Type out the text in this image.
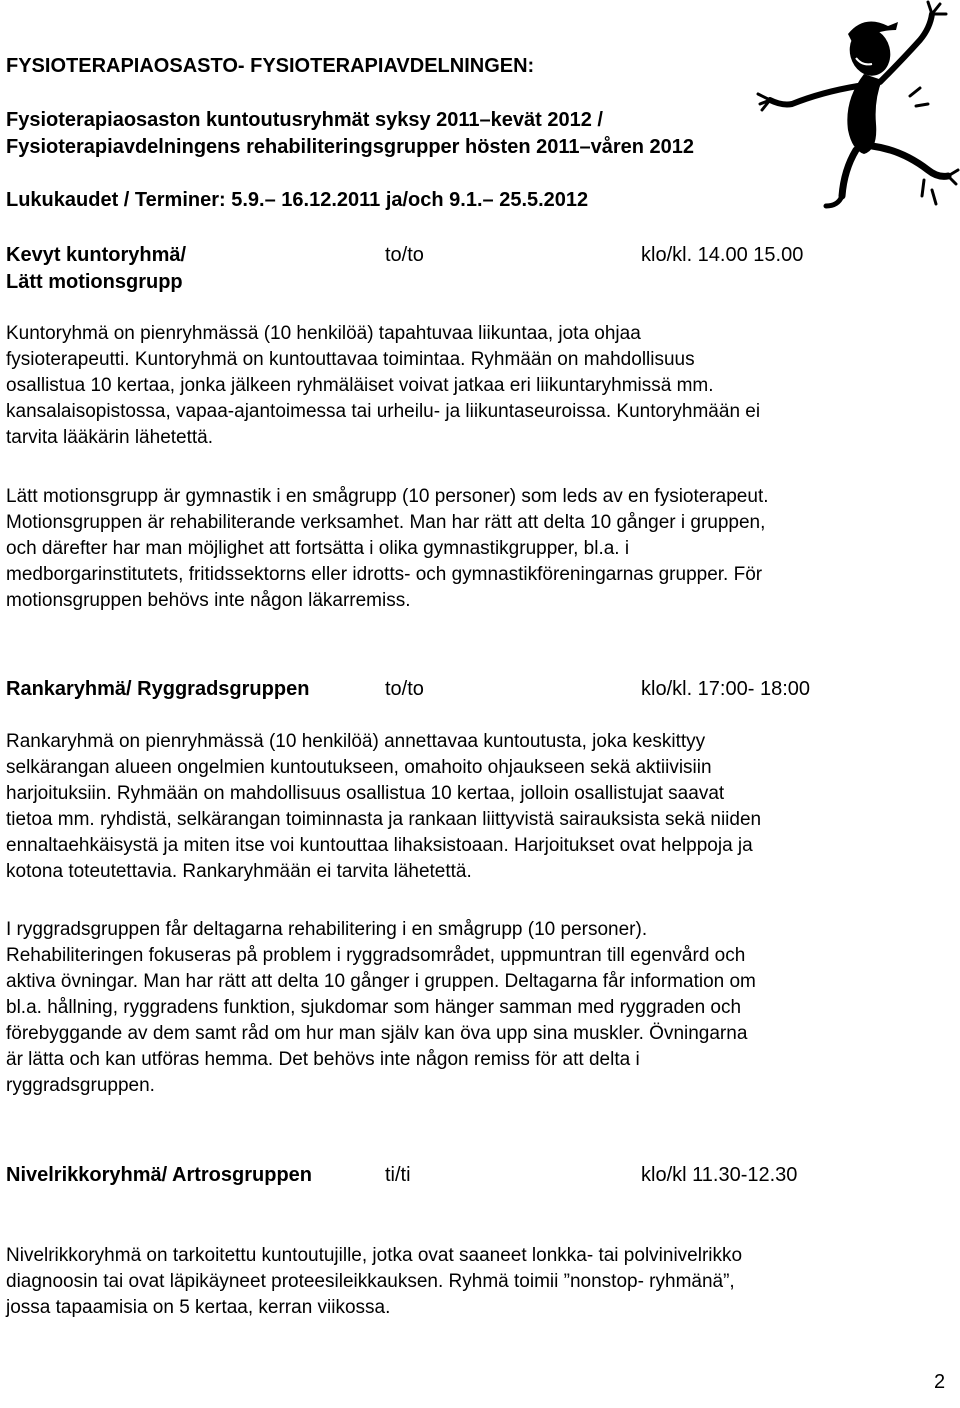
FYSIOTERAPIAOSASTO- FYSIOTERAPIAVDELNINGEN:
Fysioterapiaosaston kuntoutusryhmät syksy 2011–kevät 2012 /
Fysioterapiavdelningens rehabiliteringsgrupper hösten 2011–våren 2012
Lukukaudet / Terminer: 5.9.– 16.12.2011 ja/och 9.1.– 25.5.2012
Kevyt kuntoryhmä/
Lätt motionsgrupp
to/to	klo/kl. 14.00 15.00
Kuntoryhmä on pienryhmässä (10 henkilöä) tapahtuvaa liikuntaa, jota ohjaa
fysioterapeutti. Kuntoryhmä on kuntouttavaa toimintaa. Ryhmään on mahdollisuus
osallistua 10 kertaa, jonka jälkeen ryhmäläiset voivat jatkaa eri liikuntaryhmissä mm.
kansalaisopistossa, vapaa-ajantoimessa tai urheilu- ja liikuntaseuroissa. Kuntoryhmään ei
tarvita lääkärin lähetettä.
Lätt motionsgrupp är gymnastik i en smågrupp (10 personer) som leds av en fysioterapeut.
Motionsgruppen är rehabiliterande verksamhet. Man har rätt att delta 10 gånger i gruppen,
och därefter har man möjlighet att fortsätta i olika gymnastikgrupper, bl.a. i
medborgarinstitutets, fritidssektorns eller idrotts- och gymnastikföreningarnas grupper. För
motionsgruppen behövs inte någon läkarremiss.
Rankaryhmä/ Ryggradsgruppen	to/to	klo/kl. 17:00- 18:00
Rankaryhmä on pienryhmässä (10 henkilöä) annettavaa kuntoutusta, joka keskittyy
selkärangan alueen ongelmien kuntoutukseen, omahoito ohjaukseen sekä aktiivisiin
harjoituksiin. Ryhmään on mahdollisuus osallistua 10 kertaa, jolloin osallistujat saavat
tietoa mm. ryhdistä, selkärangan toiminnasta ja rankaan liittyvistä sairauksista sekä niiden
ennaltaehkäisystä ja miten itse voi kuntouttaa lihaksistoaan. Harjoitukset ovat helppoja ja
kotona toteutettavia. Rankaryhmään ei tarvita lähetettä.
I ryggradsgruppen får deltagarna rehabilitering i en smågrupp (10 personer).
Rehabiliteringen fokuseras på problem i ryggradsområdet, uppmuntran till egenvård och
aktiva övningar. Man har rätt att delta 10 gånger i gruppen. Deltagarna får information om
bl.a. hållning, ryggradens funktion, sjukdomar som hänger samman med ryggraden och
förebyggande av dem samt råd om hur man själv kan öva upp sina muskler. Övningarna
är lätta och kan utföras hemma. Det behövs inte någon remiss för att delta i
ryggradsgruppen.
Nivelrikkoryhmä/ Artrosgruppen	ti/ti	klo/kl 11.30-12.30
Nivelrikkoryhmä on tarkoitettu kuntoutujille, jotka ovat saaneet lonkka- tai polvinivelrikko
diagnoosin tai ovat läpikäyneet proteesileikkauksen. Ryhmä toimii ”nonstop- ryhmänä”,
jossa tapaamisia on 5 kertaa, kerran viikossa.
2
